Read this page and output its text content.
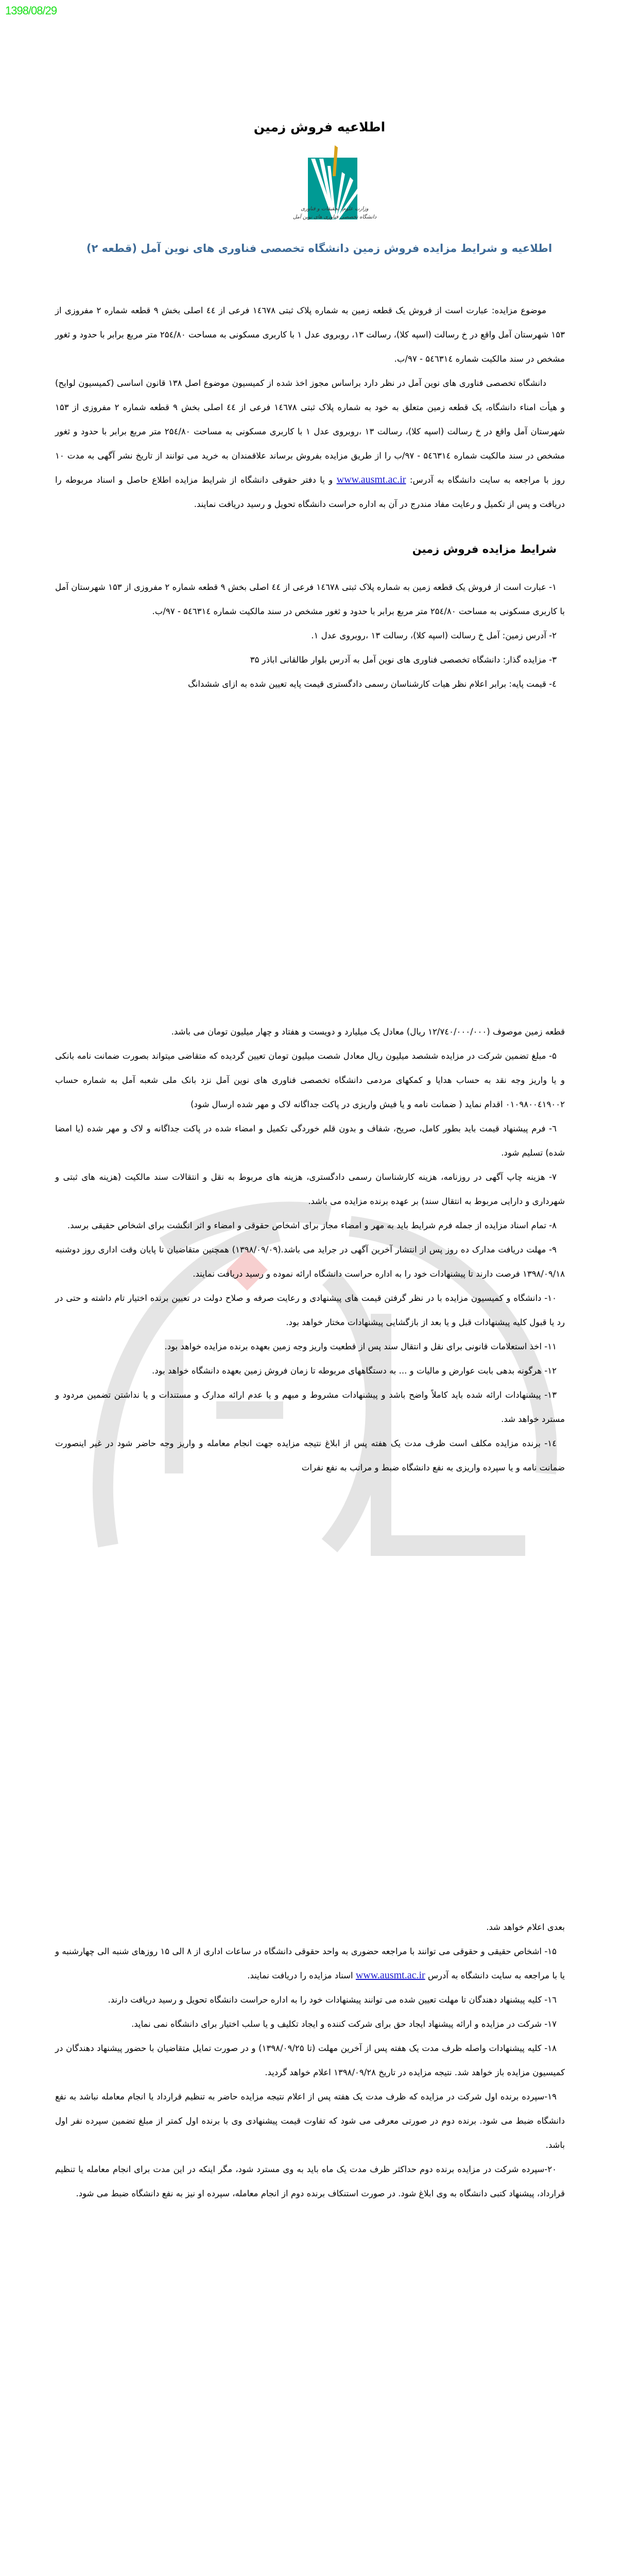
1398/08/29
اطلاعیه فروش زمین
وزارت علوم، تحقیقات و فناوری
دانشگاه تخصصی فناوری های نوین آمل
اطلاعیه و شرایط مزایده فروش زمین دانشگاه تخصصی فناوری های نوین آمل (قطعه ۲)

موضوع مزایده: عبارت است از فروش یک قطعه زمین به شماره پلاک ثبتی ۱٤٦۷۸ فرعی از ٤٤ اصلی بخش ۹ قطعه شماره ۲ مفروزی از ۱۵۳ شهرستان آمل واقع در خ رسالت (اسپه کلا)، رسالت ۱۳، روبروی عدل ۱ با کاربری مسکونی به مساحت ۲۵٤/۸۰ متر مربع برابر با حدود و ثغور مشخص در سند مالکیت شماره ۵٤٦۳۱٤ - ۹۷/ب.

دانشگاه تخصصی فناوری های نوین آمل در نظر دارد براساس مجوز اخذ شده از کمیسیون موضوع اصل ۱۳۸ قانون اساسی (کمیسیون لوایح) و هیأت امناء دانشگاه، یک قطعه زمین متعلق به خود به شماره پلاک ثبتی ۱٤٦۷۸ فرعی از ٤٤ اصلی بخش ۹ قطعه شماره ۲ مفروزی از ۱۵۳ شهرستان آمل واقع در خ رسالت (اسپه کلا)، رسالت ۱۳ ،روبروی عدل ۱ با کاربری مسکونی به مساحت ۲۵٤/۸۰ متر مربع برابر با حدود و ثغور مشخص در سند مالکیت شماره ۵٤٦۳۱٤ - ۹۷/ب را از طریق مزایده بفروش برساند علاقمندان به خرید می توانند از تاریخ نشر آگهی به مدت ۱۰ روز با مراجعه به سایت دانشگاه به آدرس: www.ausmt.ac.ir و یا دفتر حقوقی دانشگاه از شرایط مزایده اطلاع حاصل و اسناد مربوطه را دریافت و پس از تکمیل و رعایت مفاد مندرج در آن به اداره حراست دانشگاه تحویل و رسید دریافت نمایند.

شرایط مزایده فروش زمین

۱- عبارت است از فروش یک قطعه زمین به شماره پلاک ثبتی ۱٤٦۷۸ فرعی از ٤٤ اصلی بخش ۹ قطعه شماره ۲ مفروزی از ۱۵۳ شهرستان آمل با کاربری مسکونی به مساحت ۲۵٤/۸۰ متر مربع برابر با حدود و ثغور مشخص در سند مالکیت شماره ۵٤٦۳۱٤ - ۹۷/ب.

۲- آدرس زمین: آمل خ رسالت (اسپه کلا)، رسالت ۱۳ ،روبروی عدل ۱.

۳- مزایده گذار: دانشگاه تخصصی فناوری های نوین آمل به آدرس بلوار طالقانی اباذر ۳۵

٤- قیمت پایه: برابر اعلام نظر هیات کارشناسان رسمی دادگستری قیمت پایه تعیین شده به ازای ششدانگ

قطعه زمین موصوف (۱۲/۷٤۰/۰۰۰/۰۰۰ ریال) معادل یک میلیارد و دویست و هفتاد و چهار میلیون تومان می باشد.

۵- مبلغ تضمین شرکت در مزایده ششصد میلیون ریال معادل شصت میلیون تومان تعیین گردیده که متقاضی میتواند بصورت ضمانت نامه بانکی و یا واریز وجه نقد به حساب هدایا و کمکهای مردمی دانشگاه تخصصی فناوری های نوین آمل نزد بانک ملی شعبه آمل به شماره حساب ۰۱۰۹۸۰۰٤۱۹۰۰۲ اقدام نماید ( ضمانت نامه و یا فیش واریزی در پاکت جداگانه لاک و مهر شده ارسال شود)

٦- فرم پیشنهاد قیمت باید بطور کامل، صریح، شفاف و بدون قلم خوردگی تکمیل و امضاء شده در پاکت جداگانه و لاک و مهر شده (یا امضا شده) تسلیم شود.

۷- هزینه چاپ آگهی در روزنامه، هزینه کارشناسان رسمی دادگستری، هزینه های مربوط به نقل و انتقالات سند مالکیت (هزینه های ثبتی و شهرداری و دارایی مربوط به انتقال سند) بر عهده برنده مزایده می باشد.

۸- تمام اسناد مزایده از جمله فرم شرایط باید به مهر و امضاء مجاز برای اشخاص حقوقی و امضاء و اثر انگشت برای اشخاص حقیقی برسد.

۹- مهلت دریافت مدارک ده روز پس از انتشار آخرین آگهی در جراید می باشد.(۱۳۹۸/۰۹/۰۹) همچنین متقاضیان تا پایان وقت اداری روز دوشنبه ۱۳۹۸/۰۹/۱۸ فرصت دارند تا پیشنهادات خود را به اداره حراست دانشگاه ارائه نموده و رسید دریافت نمایند.

۱۰- دانشگاه و کمیسیون مزایده با در نظر گرفتن قیمت های پیشنهادی و رعایت صرفه و صلاح دولت در تعیین برنده اختیار تام داشته و حتی در رد یا قبول کلیه پیشنهادات قبل و یا بعد از بازگشایی پیشنهادات مختار خواهد بود.

۱۱- اخذ استعلامات قانونی برای نقل و انتقال سند پس از قطعیت واریز وجه زمین بعهده برنده مزایده خواهد بود.

۱۲- هرگونه بدهی بابت عوارض و مالیات و ... به دستگاههای مربوطه تا زمان فروش زمین بعهده دانشگاه خواهد بود.

۱۳- پیشنهادات ارائه شده باید کاملاً واضح باشد و پیشنهادات مشروط و مبهم و یا عدم ارائه مدارک و مستندات و یا نداشتن تضمین مردود و مسترد خواهد شد.

۱٤- برنده مزایده مکلف است ظرف مدت یک هفته پس از ابلاغ نتیجه مزایده جهت انجام معامله و واریز وجه حاضر شود در غیر اینصورت ضمانت نامه و یا سپرده واریزی به نفع دانشگاه ضبط و مراتب به نفع نفرات

بعدی اعلام خواهد شد.

۱۵- اشخاص حقیقی و حقوقی می توانند با مراجعه حضوری به واحد حقوقی دانشگاه در ساعات اداری از ۸ الی ۱۵ روزهای شنبه الی چهارشنبه و یا با مراجعه به سایت دانشگاه به آدرس www.ausmt.ac.ir اسناد مزایده را دریافت نمایند.

۱٦- کلیه پیشنهاد دهندگان تا مهلت تعیین شده می توانند پیشنهادات خود را به اداره حراست دانشگاه تحویل و رسید دریافت دارند.

۱۷- شرکت در مزایده و ارائه پیشنهاد ایجاد حق برای شرکت کننده و ایجاد تکلیف و یا سلب اختیار برای دانشگاه نمی نماید.

۱۸- کلیه پیشنهادات واصله ظرف مدت یک هفته پس از آخرین مهلت (تا ۱۳۹۸/۰۹/۲۵) و در صورت تمایل متقاضیان با حضور پیشنهاد دهندگان در کمیسیون مزایده باز خواهد شد. نتیجه مزایده در تاریخ ۱۳۹۸/۰۹/۲۸ اعلام خواهد گردید.

۱۹-سپرده برنده اول شرکت در مزایده که ظرف مدت یک هفته پس از اعلام نتیجه مزایده حاضر به تنظیم قرارداد یا انجام معامله نباشد به نفع دانشگاه ضبط می شود. برنده دوم در صورتی معرفی می شود که تفاوت قیمت پیشنهادی وی با برنده اول کمتر از مبلغ تضمین سپرده نفر اول باشد.

۲۰-سپرده شرکت در مزایده برنده دوم حداکثر ظرف مدت یک ماه باید به وی مسترد شود، مگر اینکه در این مدت برای انجام معامله یا تنظیم قرارداد، پیشنهاد کتبی دانشگاه به وی ابلاغ شود. در صورت استنکاف برنده دوم از انجام معامله، سپرده او نیز به نفع دانشگاه ضبط می شود.
